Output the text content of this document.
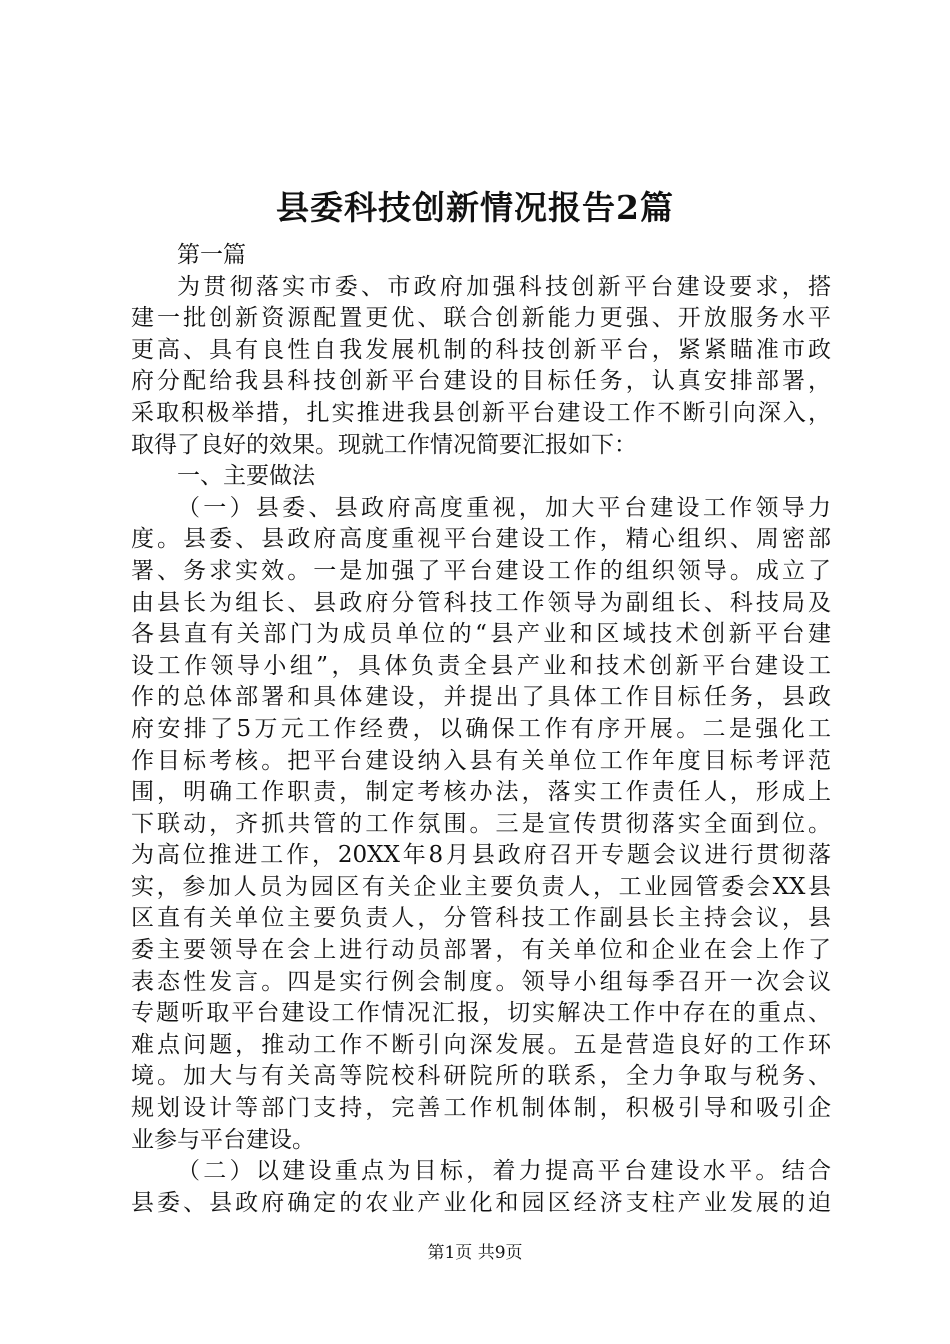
县委科技创新情况报告2篇
第一篇
为贯彻落实市委、市政府加强科技创新平台建设要求，搭
建一批创新资源配置更优、联合创新能力更强、开放服务水平
更高、具有良性自我发展机制的科技创新平台，紧紧瞄准市政
府分配给我县科技创新平台建设的目标任务，认真安排部署，
采取积极举措，扎实推进我县创新平台建设工作不断引向深入，
取得了良好的效果。现就工作情况简要汇报如下：
一、主要做法
（一）县委、县政府高度重视，加大平台建设工作领导力
度。县委、县政府高度重视平台建设工作，精心组织、周密部
署、务求实效。一是加强了平台建设工作的组织领导。成立了
由县长为组长、县政府分管科技工作领导为副组长、科技局及
各县直有关部门为成员单位的“县产业和区域技术创新平台建
设工作领导小组”，具体负责全县产业和技术创新平台建设工
作的总体部署和具体建设，并提出了具体工作目标任务，县政
府安排了5万元工作经费，以确保工作有序开展。二是强化工
作目标考核。把平台建设纳入县有关单位工作年度目标考评范
围，明确工作职责，制定考核办法，落实工作责任人，形成上
下联动，齐抓共管的工作氛围。三是宣传贯彻落实全面到位。
为高位推进工作，20XX年8月县政府召开专题会议进行贯彻落
实，参加人员为园区有关企业主要负责人，工业园管委会XX县
区直有关单位主要负责人，分管科技工作副县长主持会议，县
委主要领导在会上进行动员部署，有关单位和企业在会上作了
表态性发言。四是实行例会制度。领导小组每季召开一次会议
专题听取平台建设工作情况汇报，切实解决工作中存在的重点、
难点问题，推动工作不断引向深发展。五是营造良好的工作环
境。加大与有关高等院校科研院所的联系，全力争取与税务、
规划设计等部门支持，完善工作机制体制，积极引导和吸引企
业参与平台建设。
（二）以建设重点为目标，着力提高平台建设水平。结合
县委、县政府确定的农业产业化和园区经济支柱产业发展的迫
第1页 共9页
